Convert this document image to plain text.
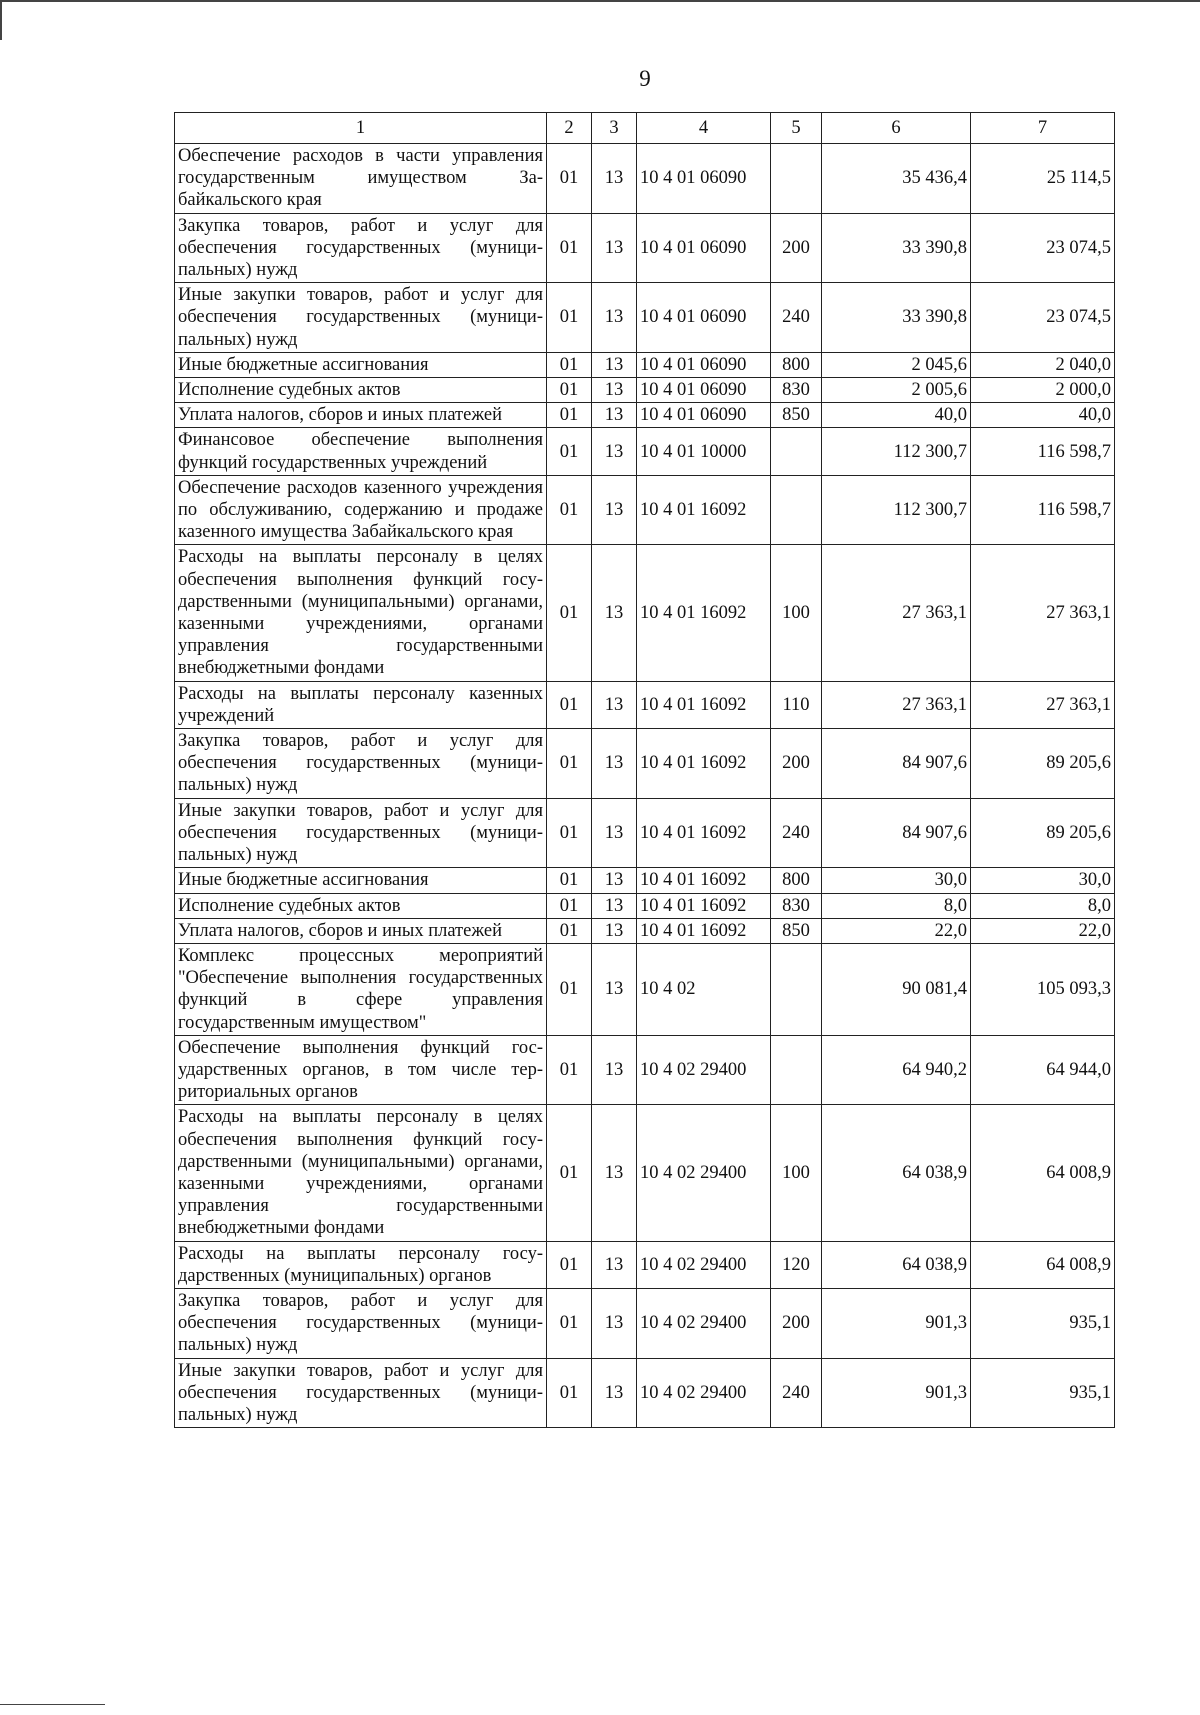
9
1	2	3	4	5	6	7
Обеспечение расходов в части управления государственным имуществом Забайкальского края	01	13	10 4 01 06090		35 436,4	25 114,5
Закупка товаров, работ и услуг для обеспечения государственных (муниципальных) нужд	01	13	10 4 01 06090	200	33 390,8	23 074,5
Иные закупки товаров, работ и услуг для обеспечения государственных (муниципальных) нужд	01	13	10 4 01 06090	240	33 390,8	23 074,5
Иные бюджетные ассигнования	01	13	10 4 01 06090	800	2 045,6	2 040,0
Исполнение судебных актов	01	13	10 4 01 06090	830	2 005,6	2 000,0
Уплата налогов, сборов и иных платежей	01	13	10 4 01 06090	850	40,0	40,0
Финансовое обеспечение выполнения функций государственных учреждений	01	13	10 4 01 10000		112 300,7	116 598,7
Обеспечение расходов казенного учреждения по обслуживанию, содержанию и продаже казенного имущества Забайкальского края	01	13	10 4 01 16092		112 300,7	116 598,7
Расходы на выплаты персоналу в целях обеспечения выполнения функций государственными (муниципальными) органами, казенными учреждениями, органами управления государственными внебюджетными фондами	01	13	10 4 01 16092	100	27 363,1	27 363,1
Расходы на выплаты персоналу казенных учреждений	01	13	10 4 01 16092	110	27 363,1	27 363,1
Закупка товаров, работ и услуг для обеспечения государственных (муниципальных) нужд	01	13	10 4 01 16092	200	84 907,6	89 205,6
Иные закупки товаров, работ и услуг для обеспечения государственных (муниципальных) нужд	01	13	10 4 01 16092	240	84 907,6	89 205,6
Иные бюджетные ассигнования	01	13	10 4 01 16092	800	30,0	30,0
Исполнение судебных актов	01	13	10 4 01 16092	830	8,0	8,0
Уплата налогов, сборов и иных платежей	01	13	10 4 01 16092	850	22,0	22,0
Комплекс процессных мероприятий "Обеспечение выполнения государственных функций в сфере управления государственным имуществом"	01	13	10 4 02		90 081,4	105 093,3
Обеспечение выполнения функций государственных органов, в том числе территориальных органов	01	13	10 4 02 29400		64 940,2	64 944,0
Расходы на выплаты персоналу в целях обеспечения выполнения функций государственными (муниципальными) органами, казенными учреждениями, органами управления государственными внебюджетными фондами	01	13	10 4 02 29400	100	64 038,9	64 008,9
Расходы на выплаты персоналу государственных (муниципальных) органов	01	13	10 4 02 29400	120	64 038,9	64 008,9
Закупка товаров, работ и услуг для обеспечения государственных (муниципальных) нужд	01	13	10 4 02 29400	200	901,3	935,1
Иные закупки товаров, работ и услуг для обеспечения государственных (муниципальных) нужд	01	13	10 4 02 29400	240	901,3	935,1
